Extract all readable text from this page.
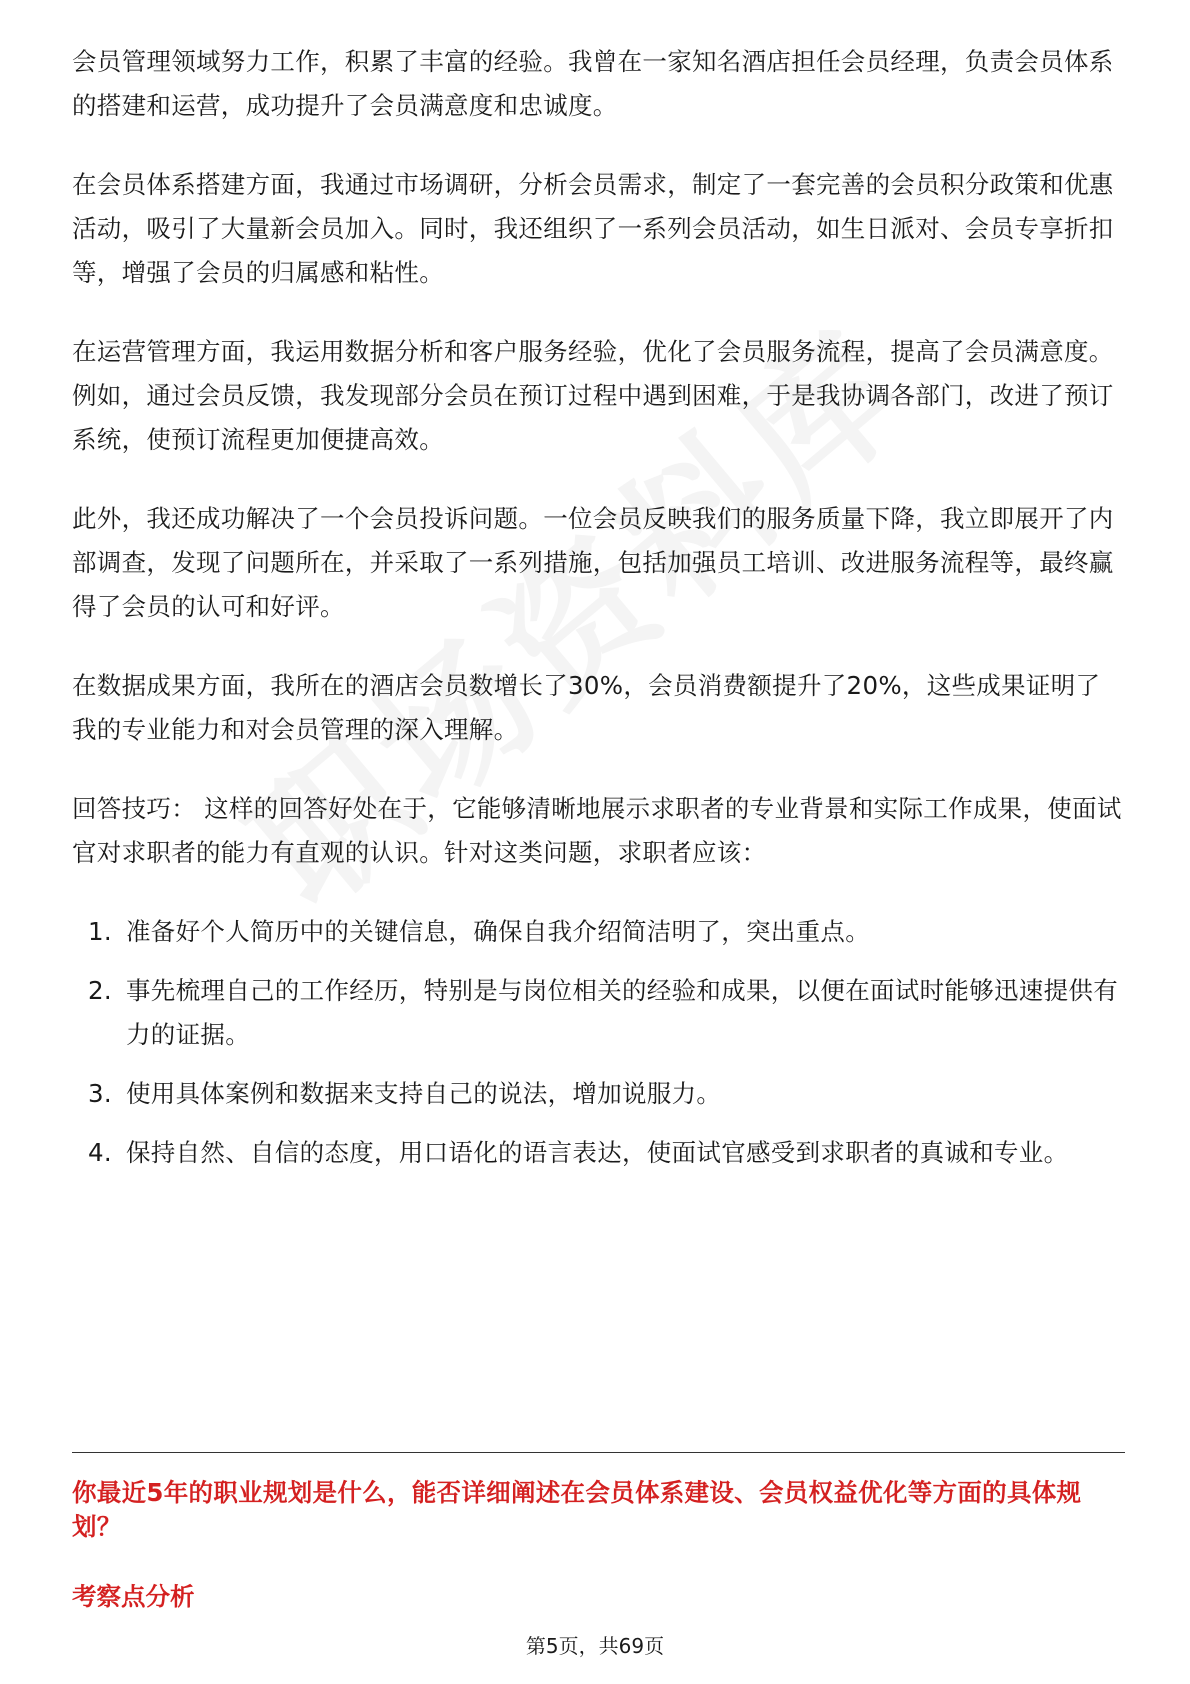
会员管理领域努力工作，积累了丰富的经验。我曾在一家知名酒店担任会员经理，负责会员体系的搭建和运营，成功提升了会员满意度和忠诚度。

在会员体系搭建方面，我通过市场调研，分析会员需求，制定了一套完善的会员积分政策和优惠活动，吸引了大量新会员加入。同时，我还组织了一系列会员活动，如生日派对、会员专享折扣等，增强了会员的归属感和粘性。

在运营管理方面，我运用数据分析和客户服务经验，优化了会员服务流程，提高了会员满意度。例如，通过会员反馈，我发现部分会员在预订过程中遇到困难，于是我协调各部门，改进了预订系统，使预订流程更加便捷高效。

此外，我还成功解决了一个会员投诉问题。一位会员反映我们的服务质量下降，我立即展开了内部调查，发现了问题所在，并采取了一系列措施，包括加强员工培训、改进服务流程等，最终赢得了会员的认可和好评。

在数据成果方面，我所在的酒店会员数增长了30%，会员消费额提升了20%，这些成果证明了我的专业能力和对会员管理的深入理解。

回答技巧： 这样的回答好处在于，它能够清晰地展示求职者的专业背景和实际工作成果，使面试官对求职者的能力有直观的认识。针对这类问题，求职者应该：

1. 准备好个人简历中的关键信息，确保自我介绍简洁明了，突出重点。
2. 事先梳理自己的工作经历，特别是与岗位相关的经验和成果，以便在面试时能够迅速提供有力的证据。
3. 使用具体案例和数据来支持自己的说法，增加说服力。
4. 保持自然、自信的态度，用口语化的语言表达，使面试官感受到求职者的真诚和专业。
你最近5年的职业规划是什么，能否详细阐述在会员体系建设、会员权益优化等方面的具体规划？
考察点分析
第5页，共69页
